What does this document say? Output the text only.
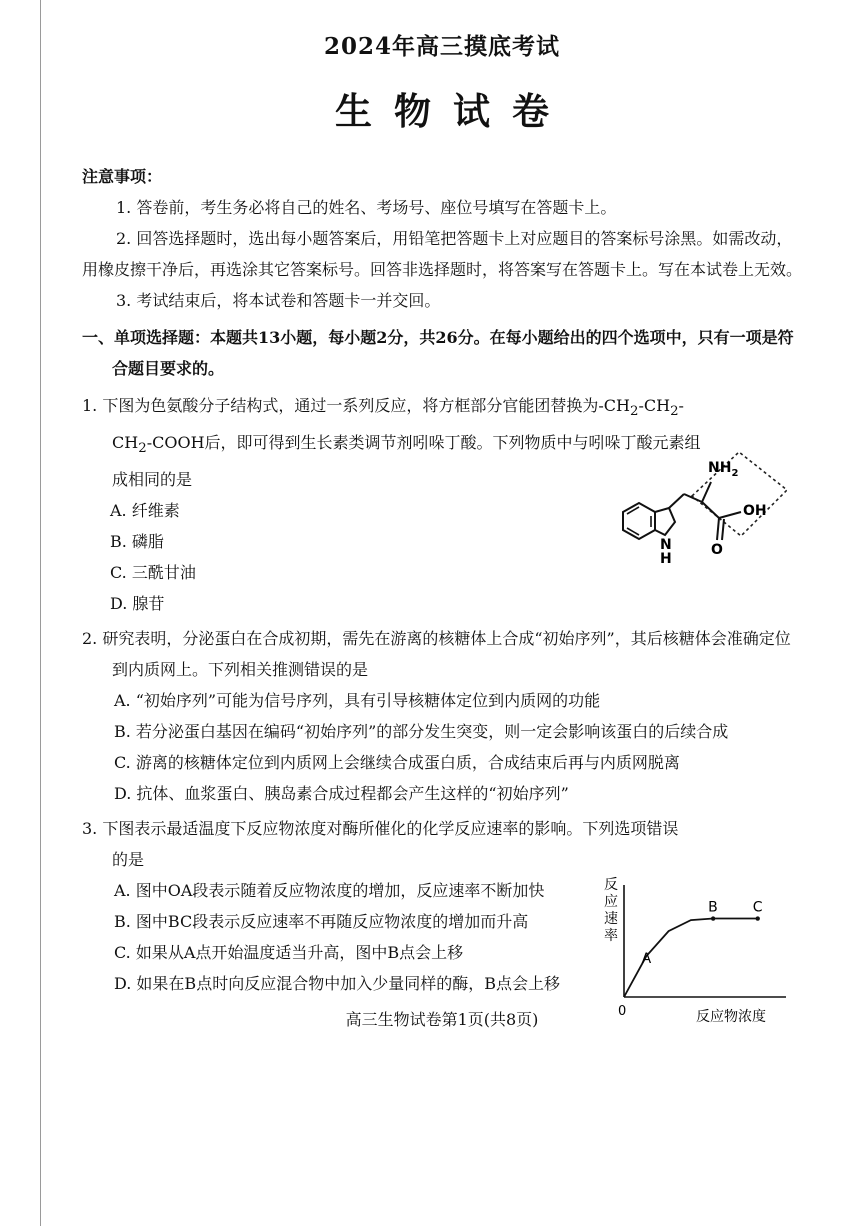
2024年高三摸底考试

生物试卷

注意事项：

1. 答卷前，考生务必将自己的姓名、考场号、座位号填写在答题卡上。

2. 回答选择题时，选出每小题答案后，用铅笔把答题卡上对应题目的答案标号涂黑。如需改动，用橡皮擦干净后，再选涂其它答案标号。回答非选择题时，将答案写在答题卡上。写在本试卷上无效。

3. 考试结束后，将本试卷和答题卡一并交回。

一、单项选择题：本题共13小题，每小题2分，共26分。在每小题给出的四个选项中，只有一项是符合题目要求的。

1. 下图为色氨酸分子结构式，通过一系列反应，将方框部分官能团替换为$-CH_2-CH_2-$
$CH_2$-COOH后，即可得到生长素类调节剂吲哚丁酸。下列物质中与吲哚丁酸元素组
成相同的是

A. 纤维素

B. 磷脂

C. 三酰甘油

D. 腺苷

$NH_2$
OH
O
N
H

2. 研究表明，分泌蛋白在合成初期，需先在游离的核糖体上合成“初始序列”，其后核糖体会准确定位到内质网上。下列相关推测错误的是

A. “初始序列”可能为信号序列，具有引导核糖体定位到内质网的功能

B. 若分泌蛋白基因在编码“初始序列”的部分发生突变，则一定会影响该蛋白的后续合成

C. 游离的核糖体定位到内质网上会继续合成蛋白质，合成结束后再与内质网脱离

D. 抗体、血浆蛋白、胰岛素合成过程都会产生这样的“初始序列”

3. 下图表示最适温度下反应物浓度对酶所催化的化学反应速率的影响。下列选项错误
的是

A. 图中OA段表示随着反应物浓度的增加，反应速率不断加快

B. 图中BC段表示反应速率不再随反应物浓度的增加而升高

C. 如果从A点开始温度适当升高，图中B点会上移

D. 如果在B点时向反应混合物中加入少量同样的酶，B点会上移

反应速率
反应物浓度
0
A
B C

高三生物试卷第1页(共8页)
